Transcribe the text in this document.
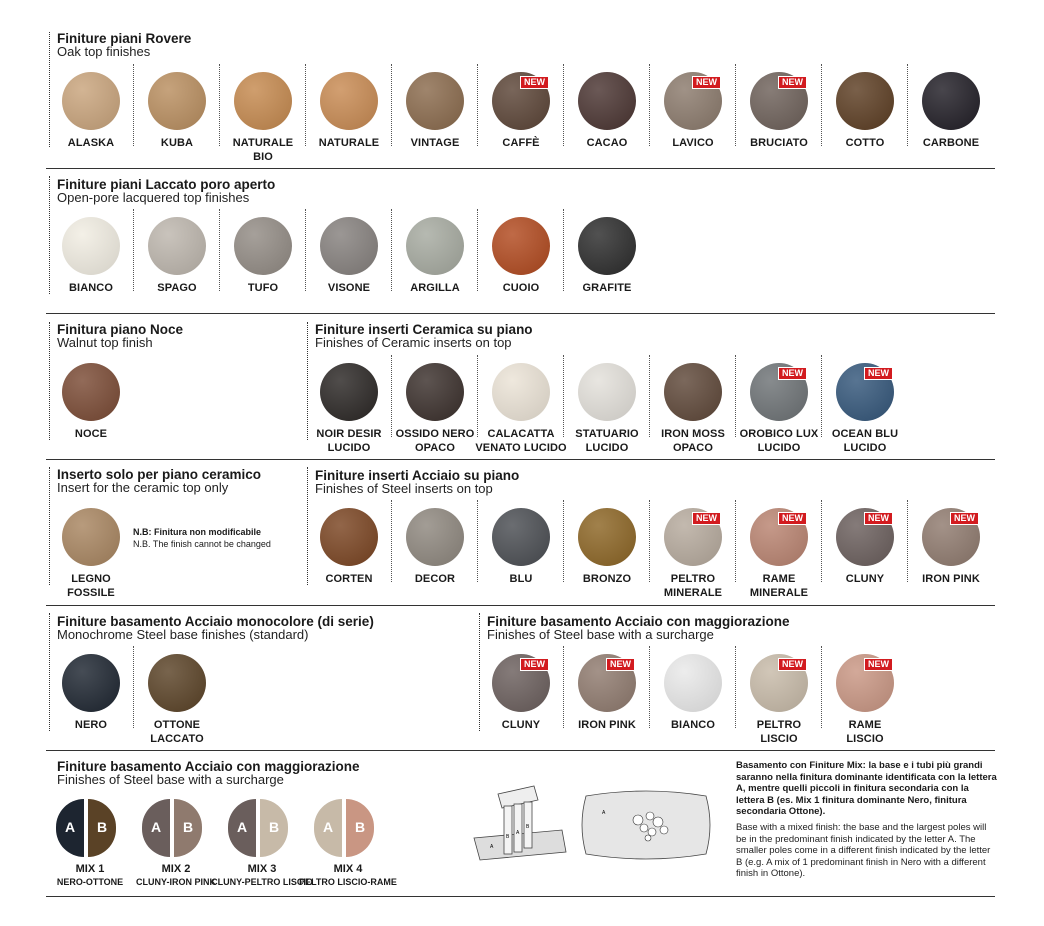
Finiture piani Rovere
Oak top finishes
Finiture piani Laccato poro aperto
Open-pore lacquered top finishes
Finitura piano Noce
Walnut top finish
Finiture inserti Ceramica su piano
Finishes of Ceramic inserts on top
Inserto solo per piano ceramico
Insert for the ceramic top only
Finiture inserti Acciaio su piano
Finishes of Steel inserts on top
Finiture basamento Acciaio monocolore (di serie)
Monochrome Steel base finishes (standard)
Finiture basamento Acciaio con maggiorazione
Finishes of Steel base with a surcharge
Finiture basamento Acciaio con maggiorazione
Finishes of Steel base with a surcharge
ALASKA	KUBA	NATURALE
BIO
NATURALE	VINTAGE
NEW
CAFFÈ	CACAO
NEW
LAVICO
NEW
BRUCIATO	COTTO	CARBONE
BIANCO	SPAGO	TUFO	VISONE	ARGILLA	CUOIO	GRAFITE
NOCE	NOIR DESIR
LUCIDO
OSSIDO NERO
OPACO
CALACATTA
VENATO LUCIDO
STATUARIO
LUCIDO
IRON MOSS
OPACO
NEW
OROBICO LUX
LUCIDO
NEW
OCEAN BLU
LUCIDO
LEGNO
FOSSILE
CORTEN	DECOR	BLU	BRONZO
NEW
PELTRO
MINERALE
NEW
RAME
MINERALE
NEW
CLUNY
NEW
IRON PINK
NERO	OTTONE
LACCATO
NEW
CLUNY
NEW
IRON PINK	BIANCO
NEW
PELTRO
LISCIO
NEW
RAME
LISCIO
A	B
MIX 1
NERO-OTTONE
A	B
MIX 2
CLUNY-IRON PINK
A	B
MIX 3
CLUNY-PELTRO LISCIO
A	B
MIX 4
PELTRO LISCIO-RAME
N.B: Finitura non modificabile
N.B. The finish cannot be changed
A
B
A
B
A
Basamento con Finiture Mix: la base e i tubi più grandi saranno nella finitura dominante identificata con la lettera A, mentre quelli piccoli in finitura secondaria con la lettera B (es. Mix 1 finitura dominante Nero, finitura secondaria Ottone).
Base with a mixed finish: the base and the largest poles will be in the predominant finish indicated by the letter A. The smaller poles come in a different finish indicated by the letter B (e.g. A mix of 1 predominant finish in Nero with a different finish in Ottone).
